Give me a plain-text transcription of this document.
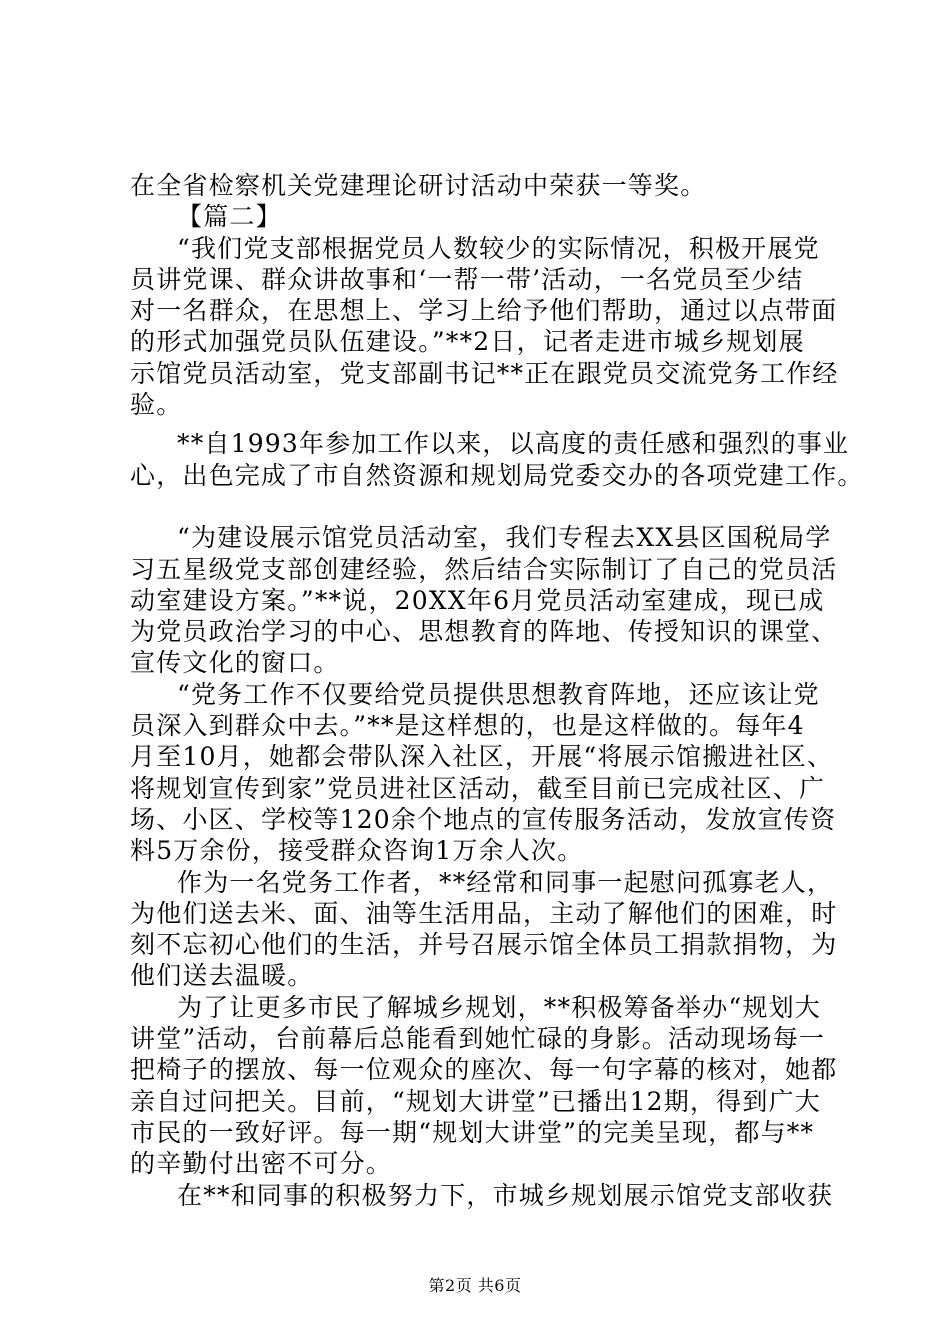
在全省检察机关党建理论研讨活动中荣获一等奖。
【篇二】
“我们党支部根据党员人数较少的实际情况，积极开展党
员讲党课、群众讲故事和‘一帮一带’活动，一名党员至少结
对一名群众，在思想上、学习上给予他们帮助，通过以点带面
的形式加强党员队伍建设。”**2日，记者走进市城乡规划展
示馆党员活动室，党支部副书记**正在跟党员交流党务工作经
验。
**自1993年参加工作以来，以高度的责任感和强烈的事业
心，出色完成了市自然资源和规划局党委交办的各项党建工作。
“为建设展示馆党员活动室，我们专程去XX县区国税局学
习五星级党支部创建经验，然后结合实际制订了自己的党员活
动室建设方案。”**说，20XX年6月党员活动室建成，现已成
为党员政治学习的中心、思想教育的阵地、传授知识的课堂、
宣传文化的窗口。
“党务工作不仅要给党员提供思想教育阵地，还应该让党
员深入到群众中去。”**是这样想的，也是这样做的。每年4
月至10月，她都会带队深入社区，开展“将展示馆搬进社区、
将规划宣传到家”党员进社区活动，截至目前已完成社区、广
场、小区、学校等120余个地点的宣传服务活动，发放宣传资
料5万余份，接受群众咨询1万余人次。
作为一名党务工作者，**经常和同事一起慰问孤寡老人，
为他们送去米、面、油等生活用品，主动了解他们的困难，时
刻不忘初心他们的生活，并号召展示馆全体员工捐款捐物，为
他们送去温暖。
为了让更多市民了解城乡规划，**积极筹备举办“规划大
讲堂”活动，台前幕后总能看到她忙碌的身影。活动现场每一
把椅子的摆放、每一位观众的座次、每一句字幕的核对，她都
亲自过问把关。目前，“规划大讲堂”已播出12期，得到广大
市民的一致好评。每一期“规划大讲堂”的完美呈现，都与**
的辛勤付出密不可分。
在**和同事的积极努力下，市城乡规划展示馆党支部收获
第2页 共6页
